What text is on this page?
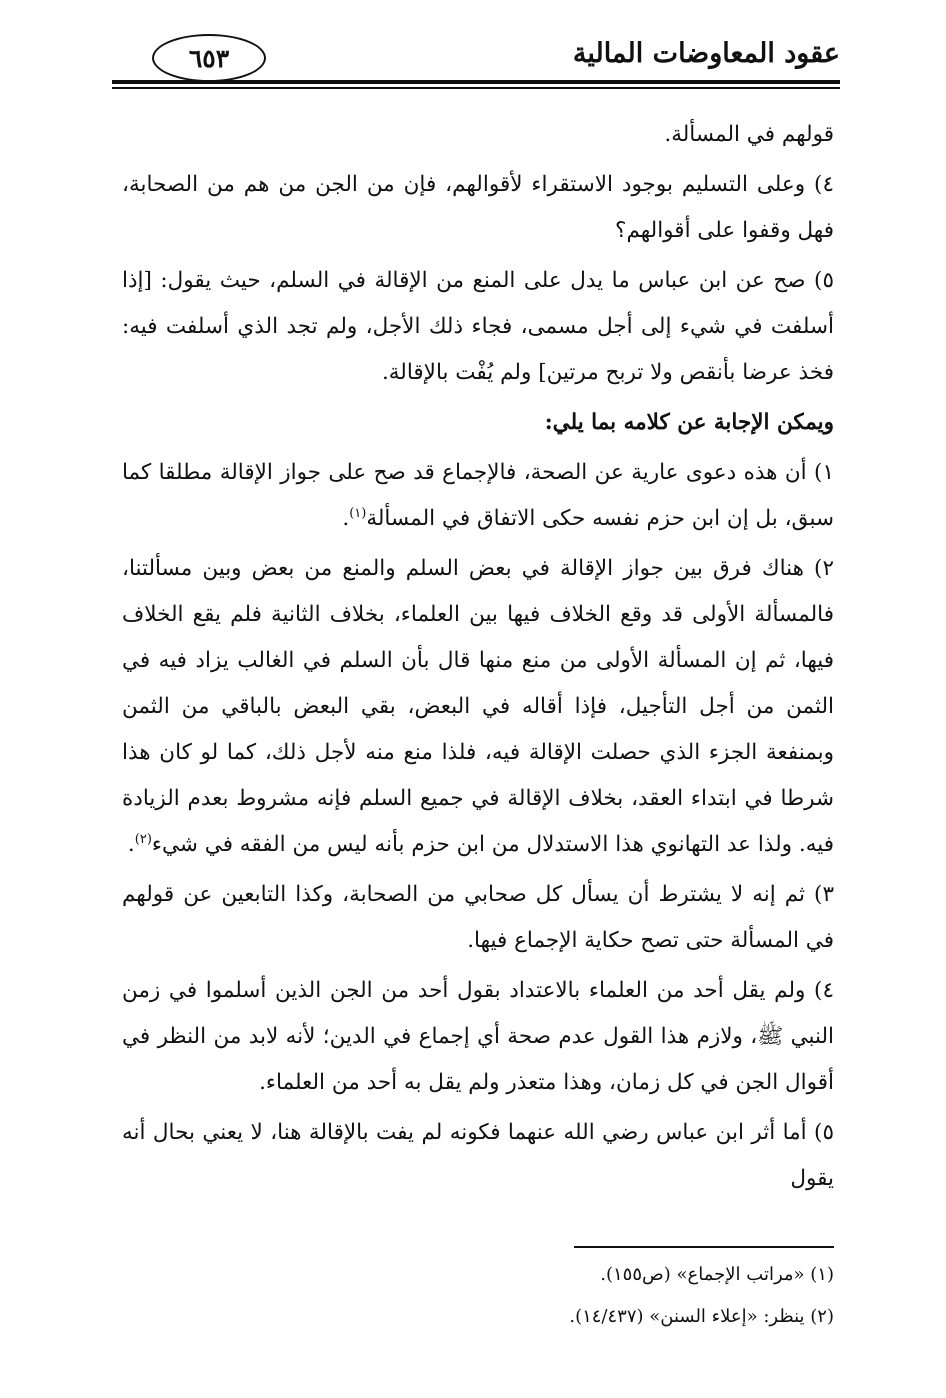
٦٥٣	عقود المعاوضات المالية

قولهم في المسألة.

٤) وعلى التسليم بوجود الاستقراء لأقوالهم، فإن من الجن من هم من الصحابة، فهل وقفوا على أقوالهم؟

٥) صح عن ابن عباس ما يدل على المنع من الإقالة في السلم، حيث يقول: [إذا أسلفت في شيء إلى أجل مسمى، فجاء ذلك الأجل، ولم تجد الذي أسلفت فيه: فخذ عرضا بأنقص ولا تربح مرتين] ولم يُفْت بالإقالة.

ويمكن الإجابة عن كلامه بما يلي:

١) أن هذه دعوى عارية عن الصحة، فالإجماع قد صح على جواز الإقالة مطلقا كما سبق، بل إن ابن حزم نفسه حكى الاتفاق في المسألة$^{(١)}$.

٢) هناك فرق بين جواز الإقالة في بعض السلم والمنع من بعض وبين مسألتنا، فالمسألة الأولى قد وقع الخلاف فيها بين العلماء، بخلاف الثانية فلم يقع الخلاف فيها، ثم إن المسألة الأولى من منع منها قال بأن السلم في الغالب يزاد فيه في الثمن من أجل التأجيل، فإذا أقاله في البعض، بقي البعض بالباقي من الثمن وبمنفعة الجزء الذي حصلت الإقالة فيه، فلذا منع منه لأجل ذلك، كما لو كان هذا شرطا في ابتداء العقد، بخلاف الإقالة في جميع السلم فإنه مشروط بعدم الزيادة فيه. ولذا عد التهانوي هذا الاستدلال من ابن حزم بأنه ليس من الفقه في شيء$^{(٢)}$.

٣) ثم إنه لا يشترط أن يسأل كل صحابي من الصحابة، وكذا التابعين عن قولهم في المسألة حتى تصح حكاية الإجماع فيها.

٤) ولم يقل أحد من العلماء بالاعتداد بقول أحد من الجن الذين أسلموا في زمن النبي ﷺ، ولازم هذا القول عدم صحة أي إجماع في الدين؛ لأنه لابد من النظر في أقوال الجن في كل زمان، وهذا متعذر ولم يقل به أحد من العلماء.

٥) أما أثر ابن عباس رضي الله عنهما فكونه لم يفت بالإقالة هنا، لا يعني بحال أنه يقول

(١) «مراتب الإجماع» (ص١٥٥).
(٢) ينظر: «إعلاء السنن» (١٤/٤٣٧).
